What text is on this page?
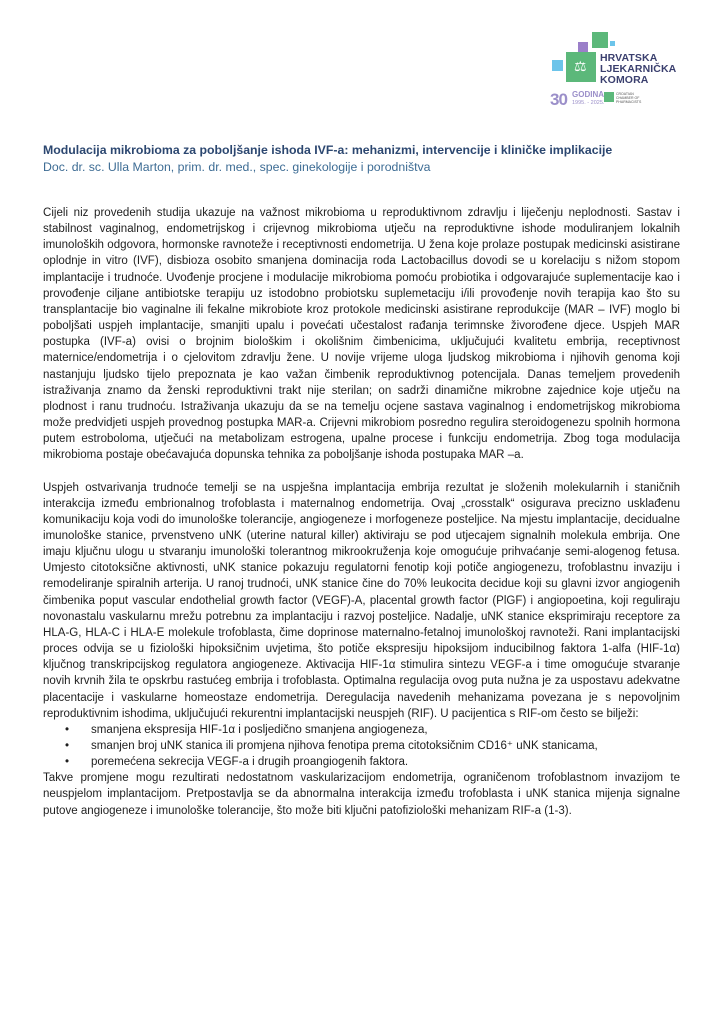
⚖ HRVATSKA
LJEKARNIČKA
KOMORA
30 GODINA
1995. - 2025.
CROATIAN CHAMBER OF PHARMACISTS
Modulacija mikrobioma za poboljšanje ishoda IVF-a: mehanizmi, intervencije i kliničke implikacije
Doc. dr. sc. Ulla Marton, prim. dr. med., spec. ginekologije i porodništva

Cijeli niz provedenih studija ukazuje na važnost mikrobioma u reproduktivnom zdravlju i liječenju neplodnosti. Sastav i stabilnost vaginalnog, endometrijskog i crijevnog mikrobioma utječu na reproduktivne ishode moduliranjem lokalnih imunoloških odgovora, hormonske ravnoteže i receptivnosti endometrija. U žena koje prolaze postupak medicinski asistirane oplodnje in vitro (IVF), disbioza osobito smanjena dominacija roda Lactobacillus dovodi se u korelaciju s nižom stopom implantacije i trudnoće. Uvođenje procjene i modulacije mikrobioma pomoću probiotika i odgovarajuće suplementacije kao i provođenje ciljane antibiotske terapiju uz istodobno probiotsku suplemetaciju i/ili provođenje novih terapija kao što su transplantacije bio vaginalne ili fekalne mikrobiote kroz protokole medicinski asistirane reprodukcije (MAR – IVF) moglo bi poboljšati uspjeh implantacije, smanjiti upalu i povećati učestalost rađanja terimnske živorođene djece. Uspjeh MAR postupka (IVF-a) ovisi o brojnim biološkim i okolišnim čimbenicima, uključujući kvalitetu embrija, receptivnost maternice/endometrija i o cjelovitom zdravlju žene. U novije vrijeme uloga ljudskog mikrobioma i njihovih genoma koji nastanjuju ljudsko tijelo prepoznata je kao važan čimbenik reproduktivnog potencijala. Danas temeljem provedenih istraživanja znamo da ženski reproduktivni trakt nije sterilan; on sadrži dinamične mikrobne zajednice koje utječu na plodnost i ranu trudnoću. Istraživanja ukazuju da se na temelju ocjene sastava vaginalnog i endometrijskog mikrobioma može predvidjeti uspjeh provednog postupka MAR-a. Crijevni mikrobiom posredno regulira steroidogenezu spolnih hormona putem estroboloma, utječući na metabolizam estrogena, upalne procese i funkciju endometrija. Zbog toga modulacija mikrobioma postaje obećavajuća dopunska tehnika za poboljšanje ishoda postupaka MAR –a.

Uspjeh ostvarivanja trudnoće temelji se na uspješna implantacija embrija rezultat je složenih molekularnih i staničnih interakcija između embrionalnog trofoblasta i maternalnog endometrija. Ovaj „crosstalk“ osigurava precizno usklađenu komunikaciju koja vodi do imunološke tolerancije, angiogeneze i morfogeneze posteljice. Na mjestu implantacije, decidualne imunološke stanice, prvenstveno uNK (uterine natural killer) aktiviraju se pod utjecajem signalnih molekula embrija. One imaju ključnu ulogu u stvaranju imunološki tolerantnog mikrookruženja koje omogućuje prihvaćanje semi-alogenog fetusa. Umjesto citotoksične aktivnosti, uNK stanice pokazuju regulatorni fenotip koji potiče angiogenezu, trofoblastnu invaziju i remodeliranje spiralnih arterija. U ranoj trudnoći, uNK stanice čine do 70% leukocita decidue koji su glavni izvor angiogenih čimbenika poput vascular endothelial growth factor (VEGF)-A, placental growth factor (PlGF) i angiopoetina, koji reguliraju novonastalu vaskularnu mrežu potrebnu za implantaciju i razvoj posteljice. Nadalje, uNK stanice eksprimiraju receptore za HLA-G, HLA-C i HLA-E molekule trofoblasta, čime doprinose maternalno-fetalnoj imunološkoj ravnoteži. Rani implantacijski proces odvija se u fiziološki hipoksičnim uvjetima, što potiče ekspresiju hipoksijom inducibilnog faktora 1-alfa (HIF-1α) ključnog transkripcijskog regulatora angiogeneze. Aktivacija HIF-1α stimulira sintezu VEGF-a i time omogućuje stvaranje novih krvnih žila te opskrbu rastućeg embrija i trofoblasta. Optimalna regulacija ovog puta nužna je za uspostavu adekvatne placentacije i vaskularne homeostaze endometrija. Deregulacija navedenih mehanizama povezana je s nepovoljnim reproduktivnim ishodima, uključujući rekurentni implantacijski neuspjeh (RIF). U pacijentica s RIF-om često se bilježi:

• smanjena ekspresija HIF-1α i posljedično smanjena angiogeneza,
• smanjen broj uNK stanica ili promjena njihova fenotipa prema citotoksičnim CD16⁺ uNK stanicama,
• poremećena sekrecija VEGF-a i drugih proangiogenih faktora.

Takve promjene mogu rezultirati nedostatnom vaskularizacijom endometrija, ograničenom trofoblastnom invazijom te neuspjelom implantacijom. Pretpostavlja se da abnormalna interakcija između trofoblasta i uNK stanica mijenja signalne putove angiogeneze i imunološke tolerancije, što može biti ključni patofiziološki mehanizam RIF-a (1-3).
